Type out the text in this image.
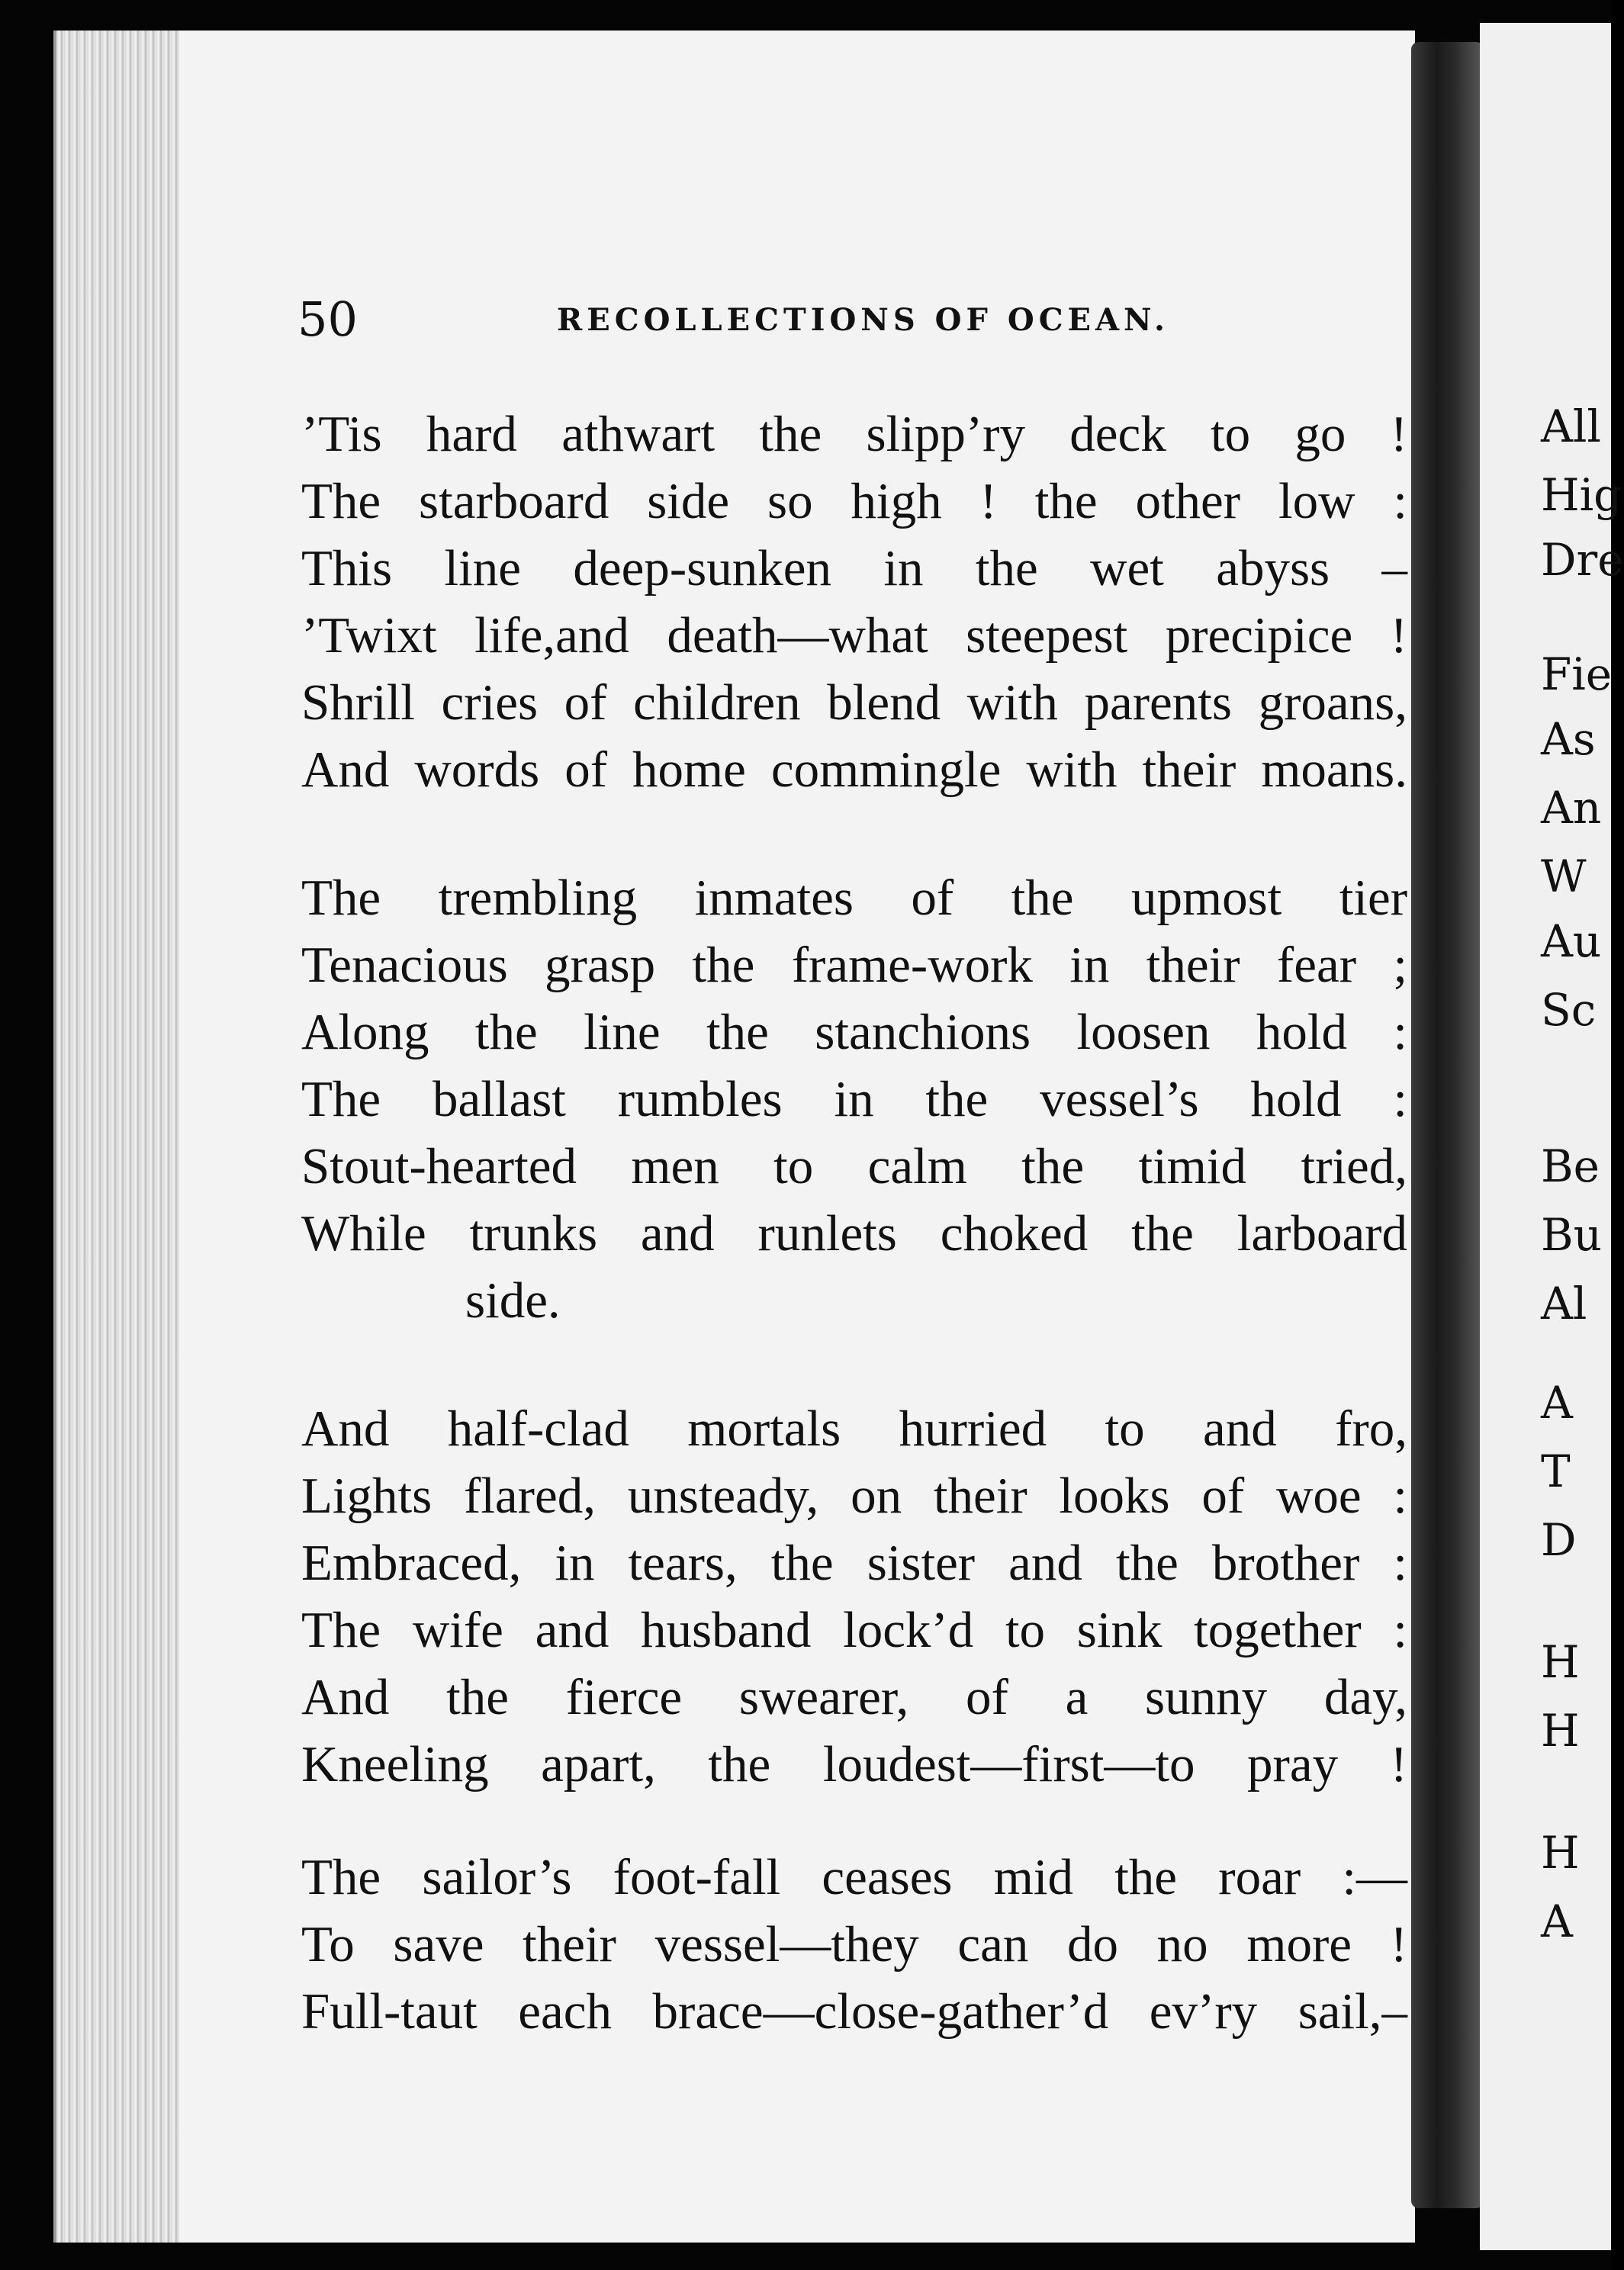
50	RECOLLECTIONS OF OCEAN.
’Tis hard athwart the slipp’ry deck to go !
The starboard side so high ! the other low :
This line deep-sunken in the wet abyss –
’Twixt life,and death—what steepest precipice !
Shrill cries of children blend with parents groans,
And words of home commingle with their moans.
The trembling inmates of the upmost tier
Tenacious grasp the frame-work in their fear ;
Along the line the stanchions loosen hold :
The ballast rumbles in the vessel’s hold :
Stout-hearted men to calm the timid tried,
While trunks and runlets choked the larboard
side.
And half-clad mortals hurried to and fro,
Lights flared, unsteady, on their looks of woe :
Embraced, in tears, the sister and the brother :
The wife and husband lock’d to sink together :
And the fierce swearer, of a sunny day,
Kneeling apart, the loudest—first—to pray !
The sailor’s foot-fall ceases mid the roar :—
To save their vessel—they can do no more !
Full-taut each brace—close-gather’d ev’ry sail,–
All
Hig
Dre
Fie
As
An
W
Au
Sc
Be
Bu
Al
A
T
D
H
H
H
A
